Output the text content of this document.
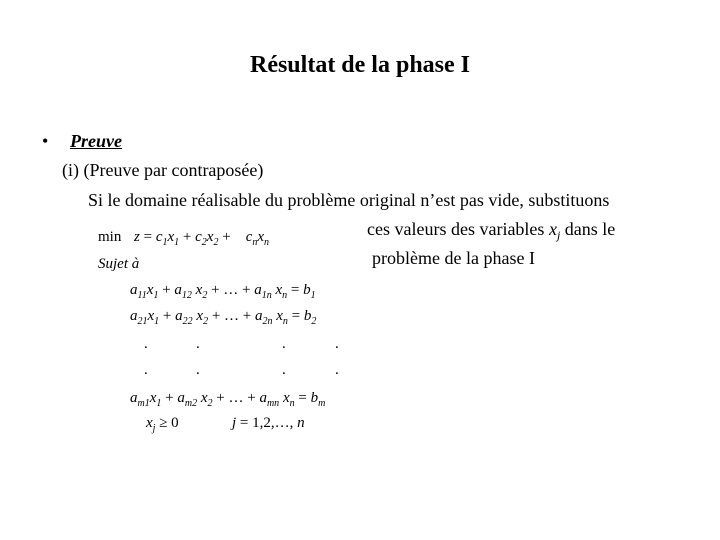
Résultat de la phase I
• Preuve
(i) (Preuve par contraposée)
Si le domaine réalisable du problème original n’est pas vide, substituons
ces valeurs des variables $x_j$ dans le
problème de la phase I
$\min z = c_1x_1 + c_2x_2$ +    $c_nx_n$
Sujet à
$a_{11}x_1 + a_{12}$ $x_2$ + … + $a_{1n}$ $x_n = b_1$
$a_{21}x_1 + a_{22}$ $x_2$ + … + $a_{2n}$ $x_n = b_2$
.	.	.	.
.	.	.	.
$a_{m1}x_1 + a_{m2}$ $x_2$ + … + $a_{mn}$ $x_n = b_m$
$x_j \ge 0$	j = 1,2,…, n
